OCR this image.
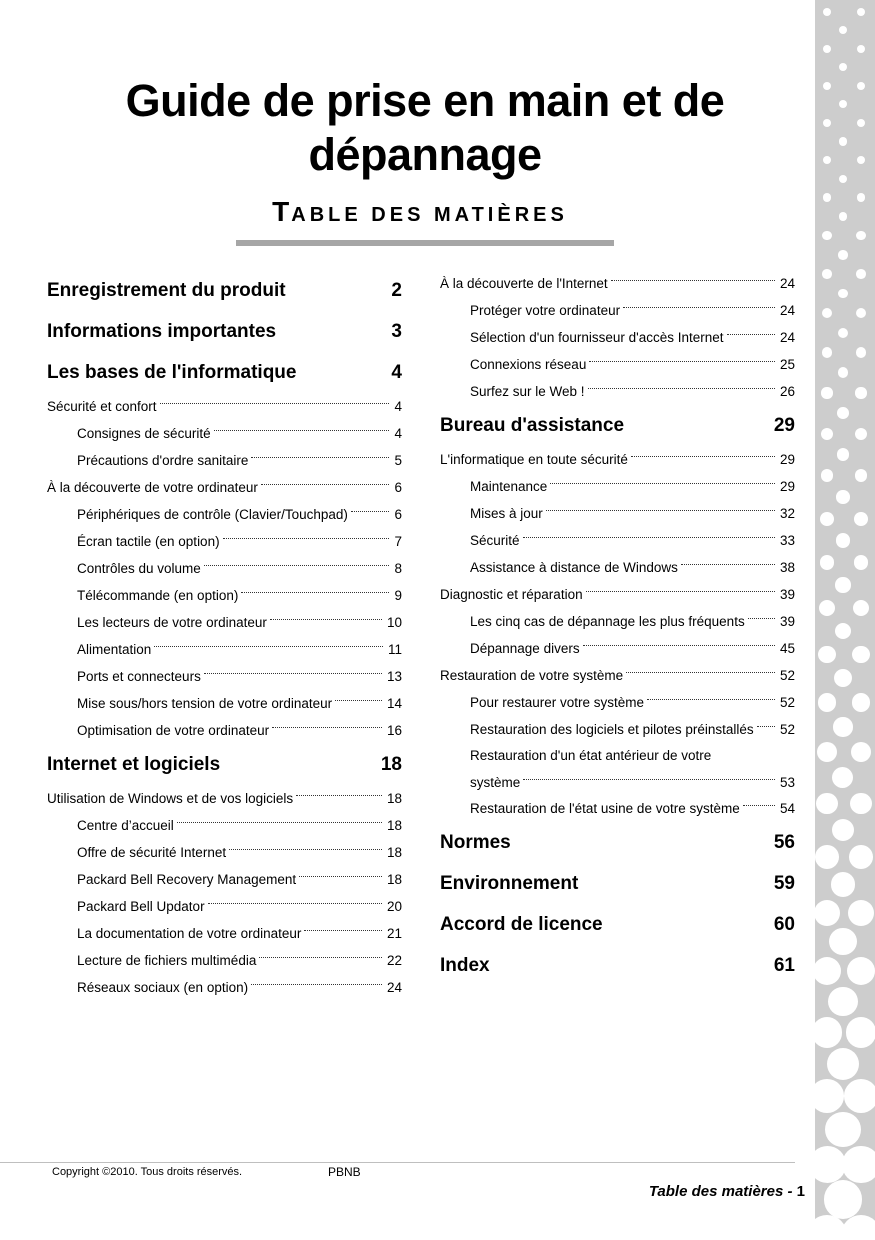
Guide de prise en main et de dépannage
TABLE DES MATIÈRES
Enregistrement du produit	2
Informations importantes	3
Les bases de l'informatique	4
Sécurité et confort	4
Consignes de sécurité	4
Précautions d'ordre sanitaire	5
À la découverte de votre ordinateur	6
Périphériques de contrôle (Clavier/Touchpad)	6
Écran tactile (en option)	7
Contrôles du volume	8
Télécommande (en option)	9
Les lecteurs de votre ordinateur	10
Alimentation	11
Ports et connecteurs	13
Mise sous/hors tension de votre ordinateur	14
Optimisation de votre ordinateur	16
Internet et logiciels	18
Utilisation de Windows et de vos logiciels	18
Centre d’accueil	18
Offre de sécurité Internet	18
Packard Bell Recovery Management	18
Packard Bell Updator	20
La documentation de votre ordinateur	21
Lecture de fichiers multimédia	22
Réseaux sociaux (en option)	24
À la découverte de l'Internet	24
Protéger votre ordinateur	24
Sélection d'un fournisseur d'accès Internet	24
Connexions réseau	25
Surfez sur le Web !	26
Bureau d'assistance	29
L'informatique en toute sécurité	29
Maintenance	29
Mises à jour	32
Sécurité	33
Assistance à distance de Windows	38
Diagnostic et réparation	39
Les cinq cas de dépannage les plus fréquents	39
Dépannage divers	45
Restauration de votre système	52
Pour restaurer votre système	52
Restauration des logiciels et pilotes préinstallés 52
Restauration d'un état antérieur de votre
système	53
Restauration de l'état usine de votre système	54
Normes	56
Environnement	59
Accord de licence	60
Index	61
Copyright ©2010. Tous droits réservés.	PBNB
Table des matières - 1
